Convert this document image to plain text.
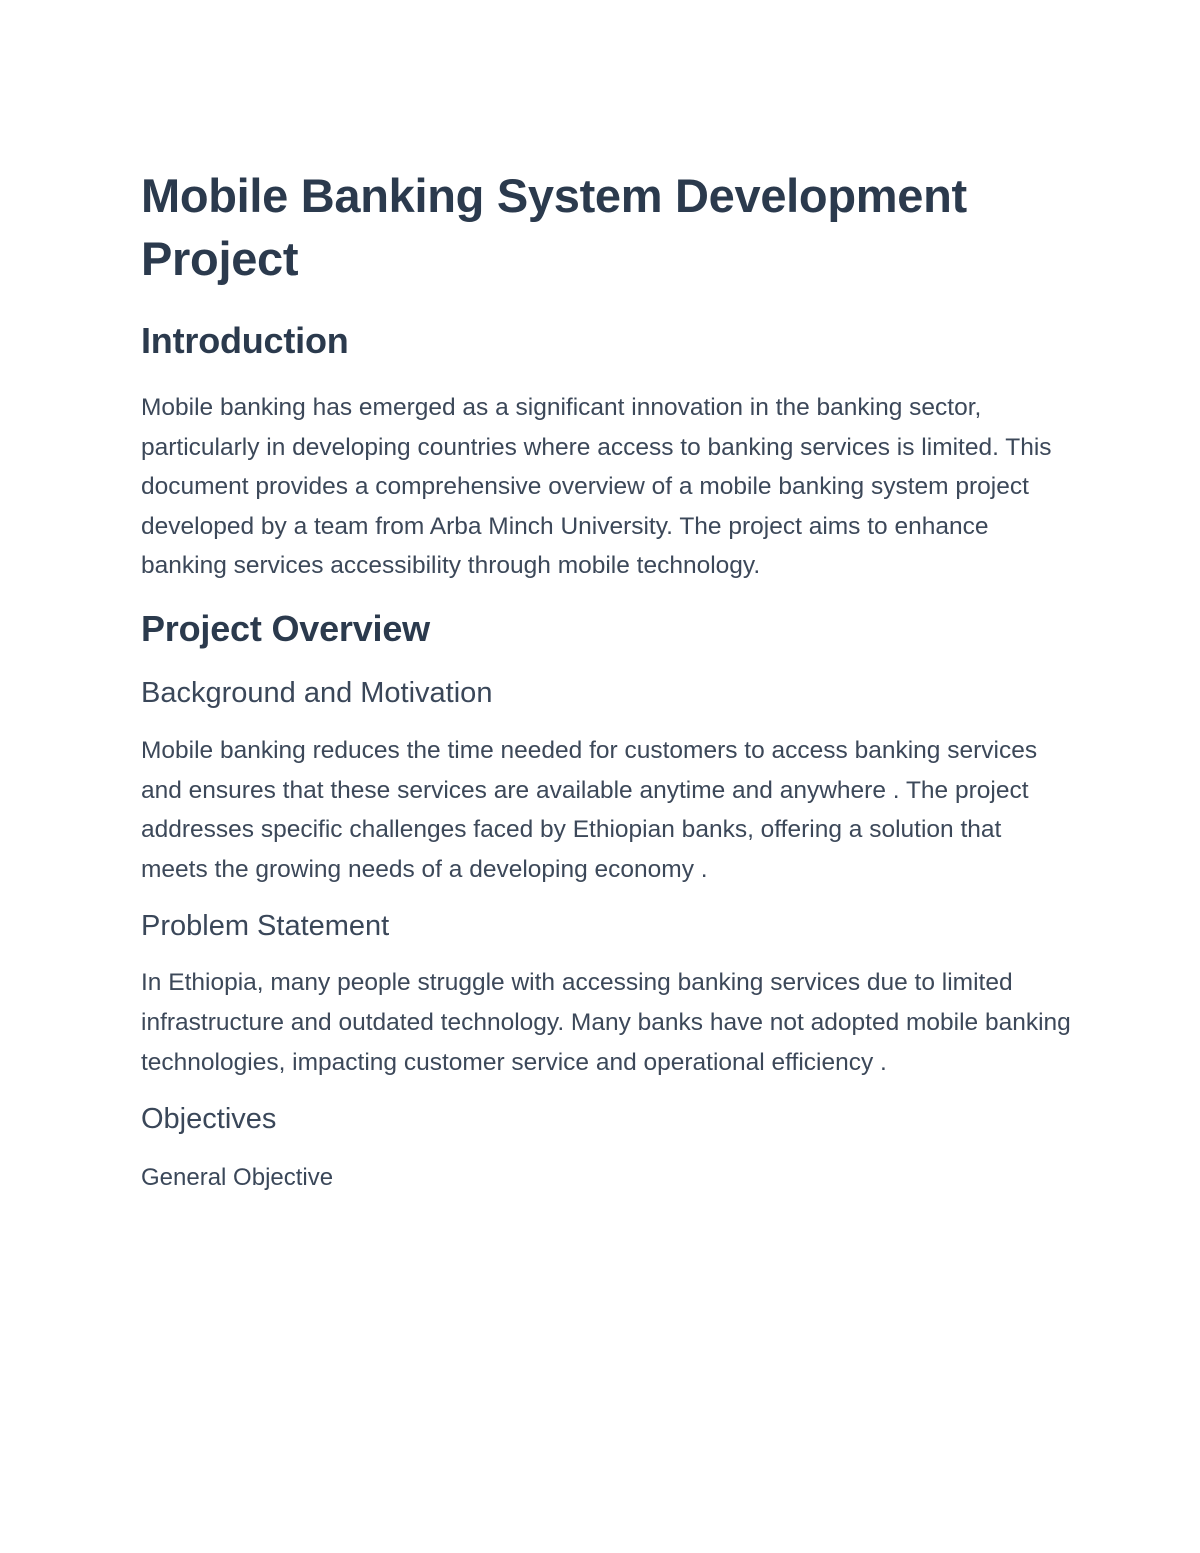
Mobile Banking System Development Project
Introduction

Mobile banking has emerged as a significant innovation in the banking sector, particularly in developing countries where access to banking services is limited. This document provides a comprehensive overview of a mobile banking system project developed by a team from Arba Minch University. The project aims to enhance banking services accessibility through mobile technology.

Project Overview
Background and Motivation

Mobile banking reduces the time needed for customers to access banking services and ensures that these services are available anytime and anywhere . The project addresses specific challenges faced by Ethiopian banks, offering a solution that meets the growing needs of a developing economy .

Problem Statement

In Ethiopia, many people struggle with accessing banking services due to limited infrastructure and outdated technology. Many banks have not adopted mobile banking technologies, impacting customer service and operational efficiency .

Objectives
General Objective
